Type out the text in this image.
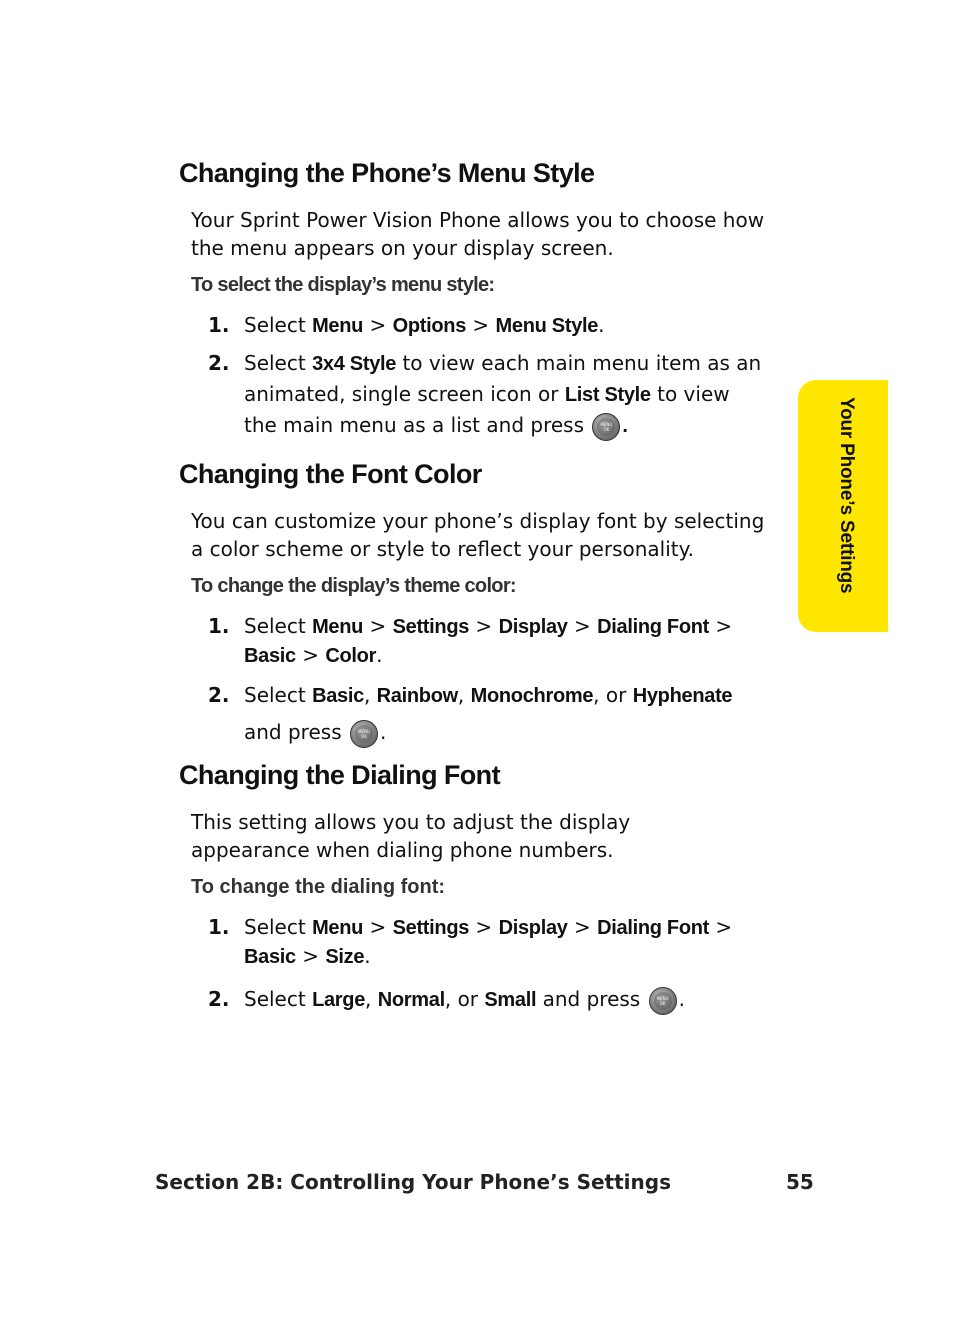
Changing the Phone’s Menu Style

Your Sprint Power Vision Phone allows you to choose how the menu appears on your display screen.

To select the display’s menu style:

1. Select Menu > Options > Menu Style.
2. Select 3x4 Style to view each main menu item as an animated, single screen icon or List Style to view the main menu as a list and press	MENU
OK .
Changing the Font Color

You can customize your phone’s display font by selecting a color scheme or style to reflect your personality.

To change the display’s theme color:

1. Select Menu > Settings > Display > Dialing Font > Basic > Color.
2. Select Basic, Rainbow, Monochrome, or Hyphenate and press	MENU
OK .
Changing the Dialing Font

This setting allows you to adjust the display appearance when dialing phone numbers.

To change the dialing font:

1. Select Menu > Settings > Display > Dialing Font > Basic > Size.
2. Select Large, Normal, or Small and press	MENU
OK .
Your Phone’s Settings
Section 2B: Controlling Your Phone’s Settings	55
